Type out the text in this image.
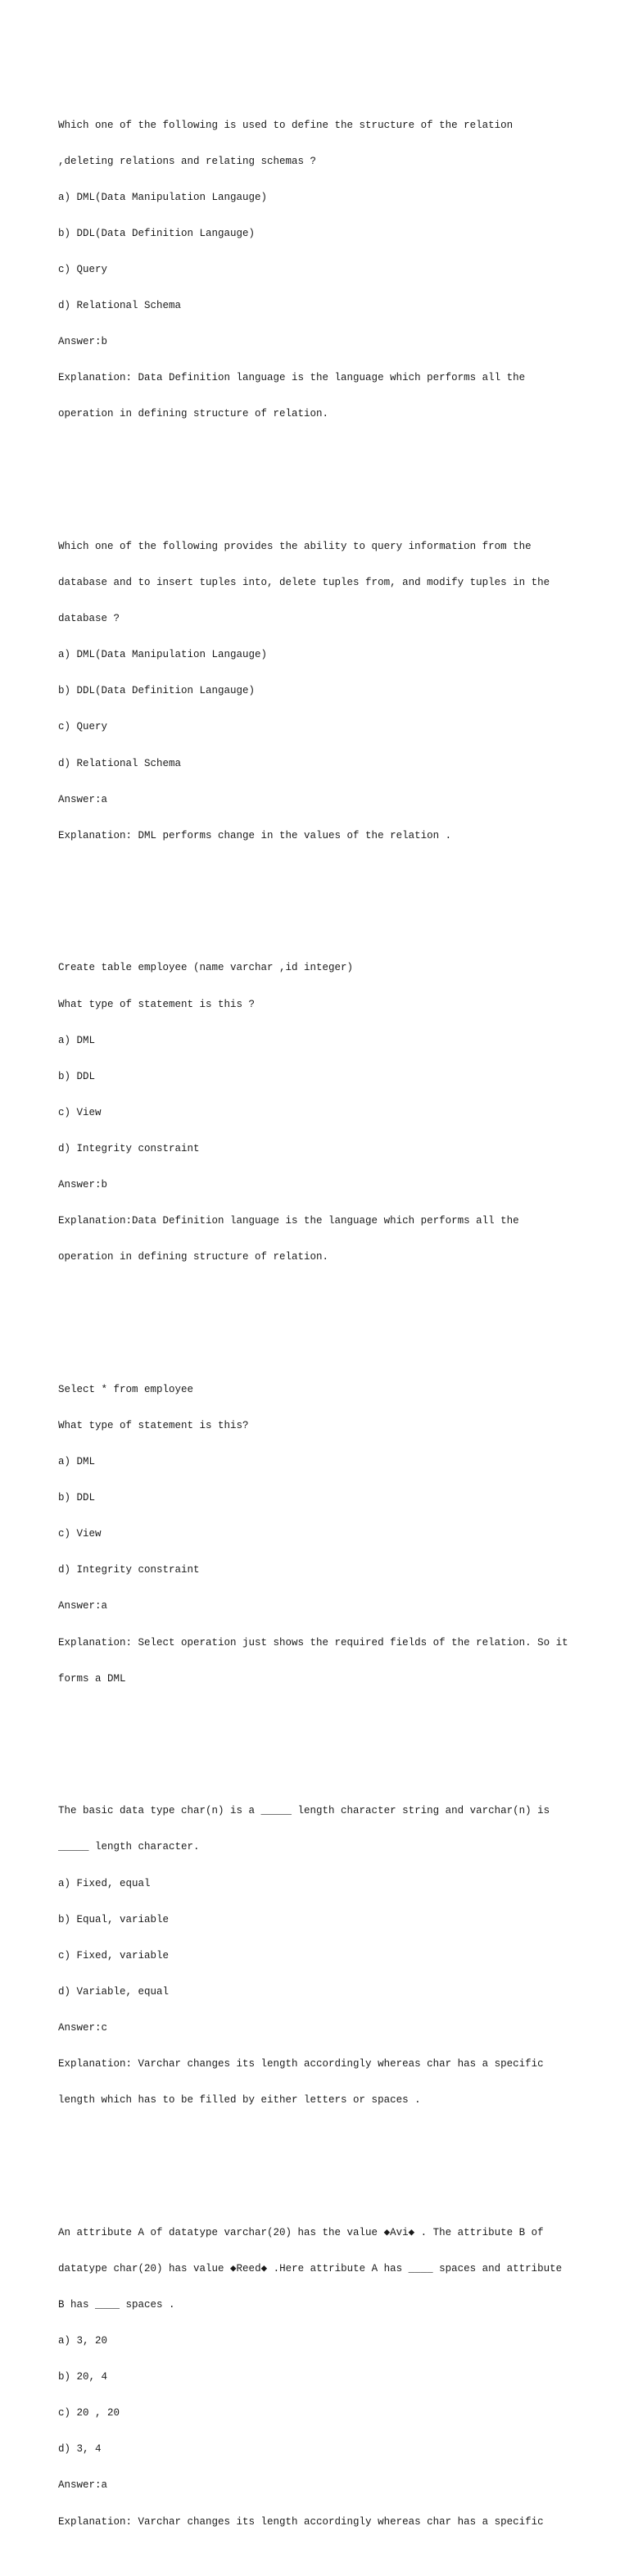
Which one of the following is used to define the structure of the relation

,deleting relations and relating schemas ?

a) DML(Data Manipulation Langauge)

b) DDL(Data Definition Langauge)

c) Query

d) Relational Schema

Answer:b

Explanation: Data Definition language is the language which performs all the

operation in defining structure of relation.

Which one of the following provides the ability to query information from the

database and to insert tuples into, delete tuples from, and modify tuples in the

database ?

a) DML(Data Manipulation Langauge)

b) DDL(Data Definition Langauge)

c) Query

d) Relational Schema

Answer:a

Explanation: DML performs change in the values of the relation .

Create table employee (name varchar ,id integer)

What type of statement is this ?

a) DML

b) DDL

c) View

d) Integrity constraint

Answer:b

Explanation:Data Definition language is the language which performs all the

operation in defining structure of relation.

Select * from employee

What type of statement is this?

a) DML

b) DDL

c) View

d) Integrity constraint

Answer:a

Explanation: Select operation just shows the required fields of the relation. So it

forms a DML

The basic data type char(n) is a _____ length character string and varchar(n) is

_____ length character.

a) Fixed, equal

b) Equal, variable

c) Fixed, variable

d) Variable, equal

Answer:c

Explanation: Varchar changes its length accordingly whereas char has a specific

length which has to be filled by either letters or spaces .

An attribute A of datatype varchar(20) has the value ◆Avi◆ . The attribute B of

datatype char(20) has value ◆Reed◆ .Here attribute A has ____ spaces and attribute

B has ____ spaces .

a) 3, 20

b) 20, 4

c) 20 , 20

d) 3, 4

Answer:a

Explanation: Varchar changes its length accordingly whereas char has a specific
